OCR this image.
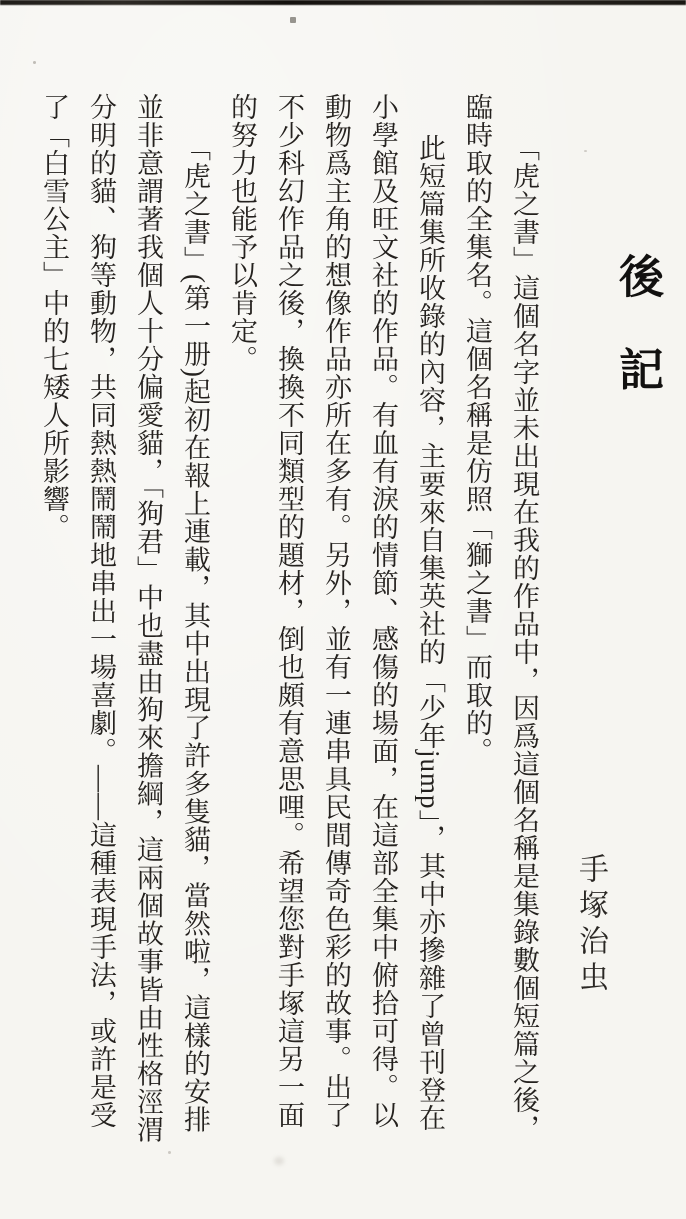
後記
手塚治虫

「虎之書」這個名字並未出現在我的作品中，因爲這個名稱是集錄數個短篇之後，臨時取的全集名。這個名稱是仿照「獅之書」而取的。

此短篇集所收錄的內容，主要來自集英社的「少年jump」，其中亦摻雜了曾刊登在小學館及旺文社的作品。有血有淚的情節、感傷的場面，在這部全集中俯拾可得。以動物爲主角的想像作品亦所在多有。另外，並有一連串具民間傳奇色彩的故事。出了不少科幻作品之後，換換不同類型的題材，倒也頗有意思哩。希望您對手塚這另一面的努力也能予以肯定。

「虎之書」(第一册)起初在報上連載，其中出現了許多隻貓，當然啦，這樣的安排並非意謂著我個人十分偏愛貓，「狗君」中也盡由狗來擔綱，這兩個故事皆由性格涇渭分明的貓、狗等動物，共同熱熱鬧鬧地串出一場喜劇。——這種表現手法，或許是受了「白雪公主」中的七矮人所影響。
